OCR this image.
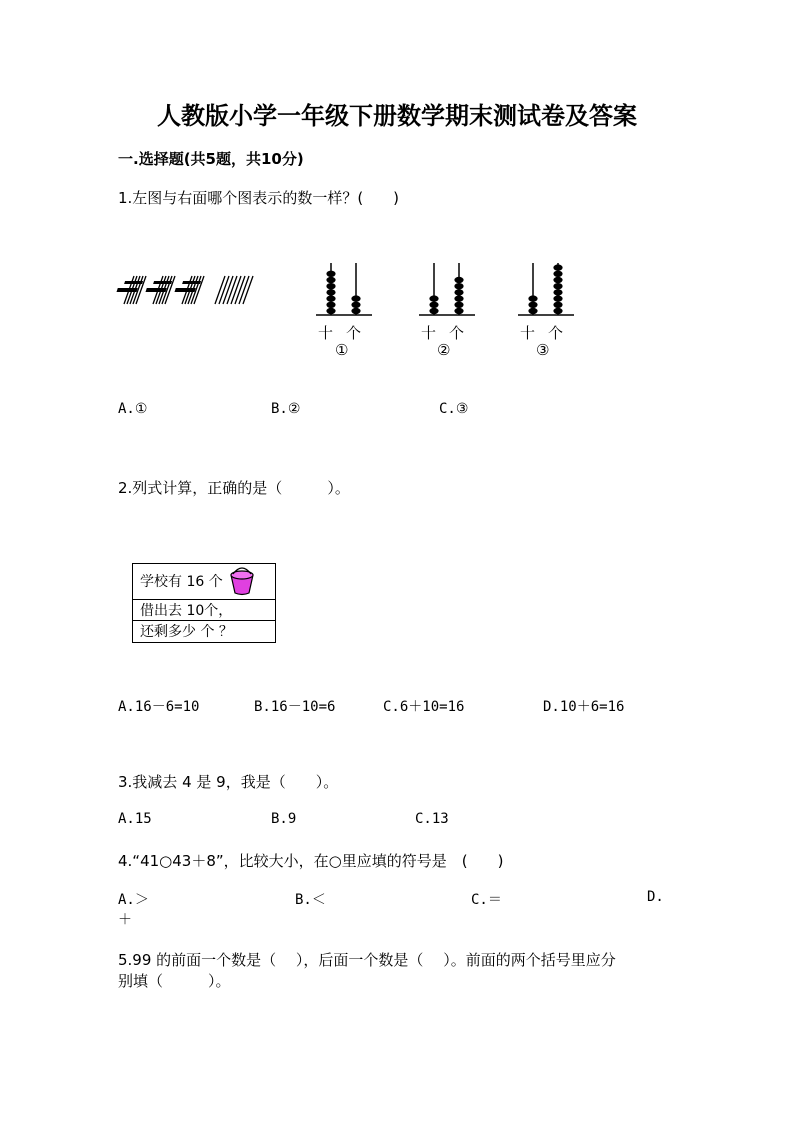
人教版小学一年级下册数学期末测试卷及答案
一.选择题(共5题，共10分)
1.左图与右面哪个图表示的数一样？(　　)
十 个
①
十 个
②
十 个
③
A.①	B.②	C.③
2.列式计算，正确的是（　　　）。
学校有 16 个
借出去 10个，
还剩多少 个 ？
A.16－6=10	B.16－10=6	C.6＋10=16	D.10＋6=16
3.我减去 4 是 9，我是（　　）。
A.15	B.9	C.13
4.“41○43＋8”，比较大小，在○里应填的符号是　(　　)
A.＞	B.＜	C.＝	D.
＋
5.99 的前面一个数是（　 ），后面一个数是（　 ）。前面的两个括号里应分
别填（　　　）。
